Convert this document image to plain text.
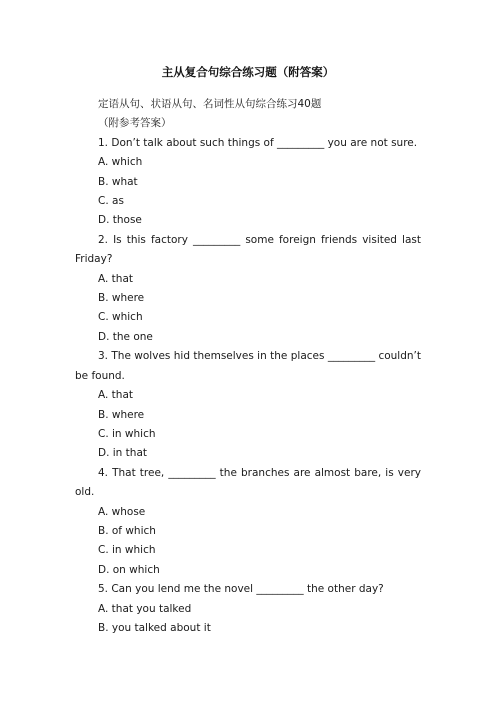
主从复合句综合练习题（附答案）

定语从句、状语从句、名词性从句综合练习40题

（附参考答案）

1. Don’t talk about such things of _________ you are not sure.

A. which

B. what

C. as

D. those

2. Is this factory _________ some foreign friends visited last Friday?

A. that

B. where

C. which

D. the one

3. The wolves hid themselves in the places _________ couldn’t be found.

A. that

B. where

C. in which

D. in that

4. That tree, _________ the branches are almost bare, is very old.

A. whose

B. of which

C. in which

D. on which

5. Can you lend me the novel _________ the other day?

A. that you talked

B. you talked about it
